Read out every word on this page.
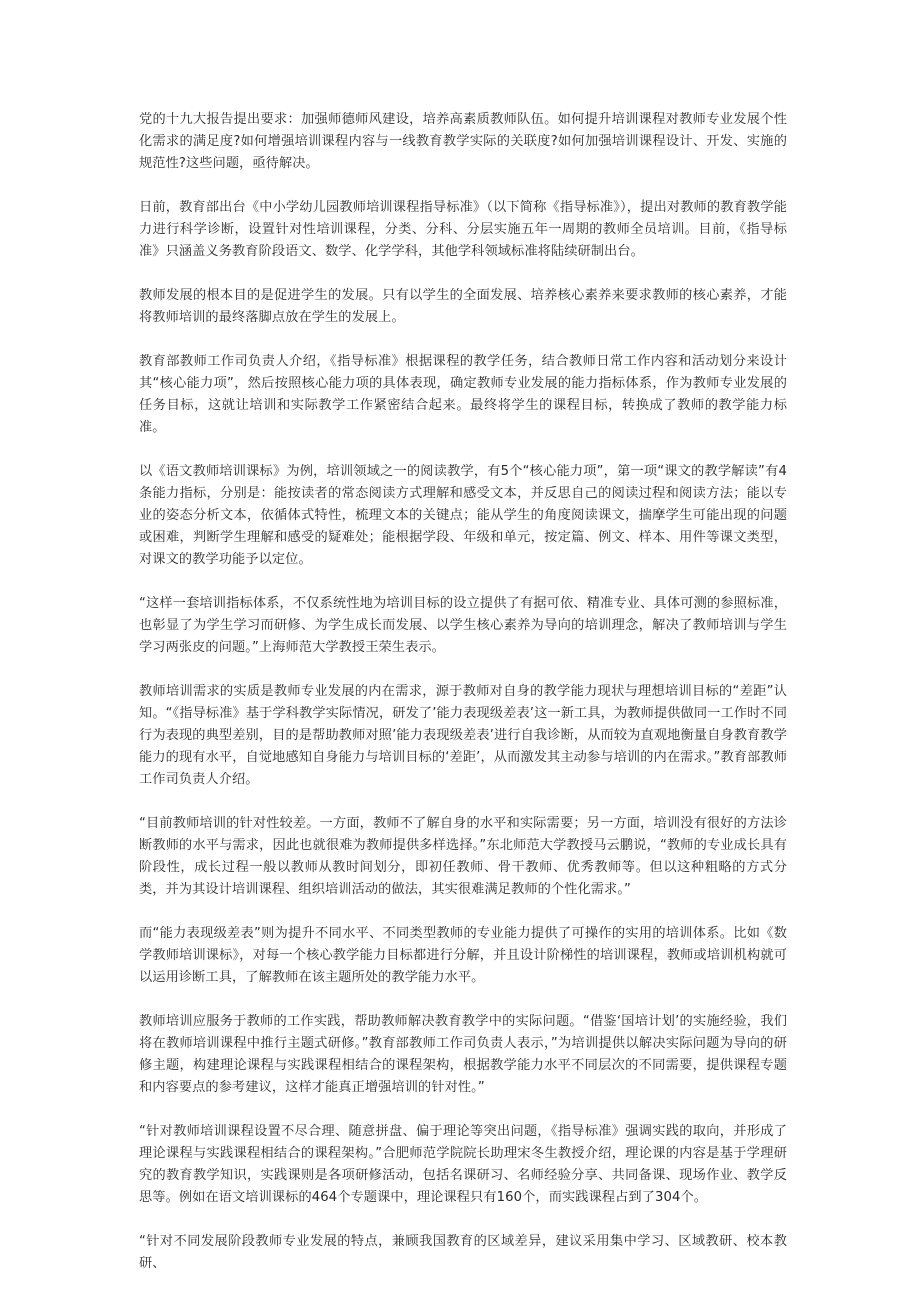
党的十九大报告提出要求：加强师德师风建设，培养高素质教师队伍。如何提升培训课程对教师专业发展个性化需求的满足度?如何增强培训课程内容与一线教育教学实际的关联度?如何加强培训课程设计、开发、实施的规范性?这些问题，亟待解决。

日前，教育部出台《中小学幼儿园教师培训课程指导标准》（以下简称《指导标准》），提出对教师的教育教学能力进行科学诊断，设置针对性培训课程，分类、分科、分层实施五年一周期的教师全员培训。目前，《指导标准》只涵盖义务教育阶段语文、数学、化学学科，其他学科领域标准将陆续研制出台。

教师发展的根本目的是促进学生的发展。只有以学生的全面发展、培养核心素养来要求教师的核心素养，才能将教师培训的最终落脚点放在学生的发展上。

教育部教师工作司负责人介绍，《指导标准》根据课程的教学任务，结合教师日常工作内容和活动划分来设计其“核心能力项”，然后按照核心能力项的具体表现，确定教师专业发展的能力指标体系，作为教师专业发展的任务目标，这就让培训和实际教学工作紧密结合起来。最终将学生的课程目标，转换成了教师的教学能力标准。

以《语文教师培训课标》为例，培训领域之一的阅读教学，有5个“核心能力项”，第一项“课文的教学解读”有4条能力指标，分别是：能按读者的常态阅读方式理解和感受文本，并反思自己的阅读过程和阅读方法；能以专业的姿态分析文本，依循体式特性，梳理文本的关键点；能从学生的角度阅读课文，揣摩学生可能出现的问题或困难，判断学生理解和感受的疑难处；能根据学段、年级和单元，按定篇、例文、样本、用件等课文类型，对课文的教学功能予以定位。

“这样一套培训指标体系，不仅系统性地为培训目标的设立提供了有据可依、精准专业、具体可测的参照标准，也彰显了为学生学习而研修、为学生成长而发展、以学生核心素养为导向的培训理念，解决了教师培训与学生学习两张皮的问题。”上海师范大学教授王荣生表示。

教师培训需求的实质是教师专业发展的内在需求，源于教师对自身的教学能力现状与理想培训目标的“差距”认知。“《指导标准》基于学科教学实际情况，研发了’能力表现级差表’这一新工具，为教师提供做同一工作时不同行为表现的典型差别，目的是帮助教师对照’能力表现级差表’进行自我诊断，从而较为直观地衡量自身教育教学能力的现有水平，自觉地感知自身能力与培训目标的‘差距’，从而激发其主动参与培训的内在需求。”教育部教师工作司负责人介绍。

“目前教师培训的针对性较差。一方面，教师不了解自身的水平和实际需要；另一方面，培训没有很好的方法诊断教师的水平与需求，因此也就很难为教师提供多样选择。”东北师范大学教授马云鹏说，“教师的专业成长具有阶段性，成长过程一般以教师从教时间划分，即初任教师、骨干教师、优秀教师等。但以这种粗略的方式分类，并为其设计培训课程、组织培训活动的做法，其实很难满足教师的个性化需求。”

而“能力表现级差表”则为提升不同水平、不同类型教师的专业能力提供了可操作的实用的培训体系。比如《数学教师培训课标》，对每一个核心教学能力目标都进行分解，并且设计阶梯性的培训课程，教师或培训机构就可以运用诊断工具，了解教师在该主题所处的教学能力水平。

教师培训应服务于教师的工作实践，帮助教师解决教育教学中的实际问题。“借鉴‘国培计划’的实施经验，我们将在教师培训课程中推行主题式研修。”教育部教师工作司负责人表示，”为培训提供以解决实际问题为导向的研修主题，构建理论课程与实践课程相结合的课程架构，根据教学能力水平不同层次的不同需要，提供课程专题和内容要点的参考建议，这样才能真正增强培训的针对性。”

“针对教师培训课程设置不尽合理、随意拼盘、偏于理论等突出问题，《指导标准》强调实践的取向，并形成了理论课程与实践课程相结合的课程架构。”合肥师范学院院长助理宋冬生教授介绍，理论课的内容是基于学理研究的教育教学知识，实践课则是各项研修活动，包括名课研习、名师经验分享、共同备课、现场作业、教学反思等。例如在语文培训课标的464个专题课中，理论课程只有160个，而实践课程占到了304个。

“针对不同发展阶段教师专业发展的特点，兼顾我国教育的区域差异，建议采用集中学习、区域教研、校本教研、
